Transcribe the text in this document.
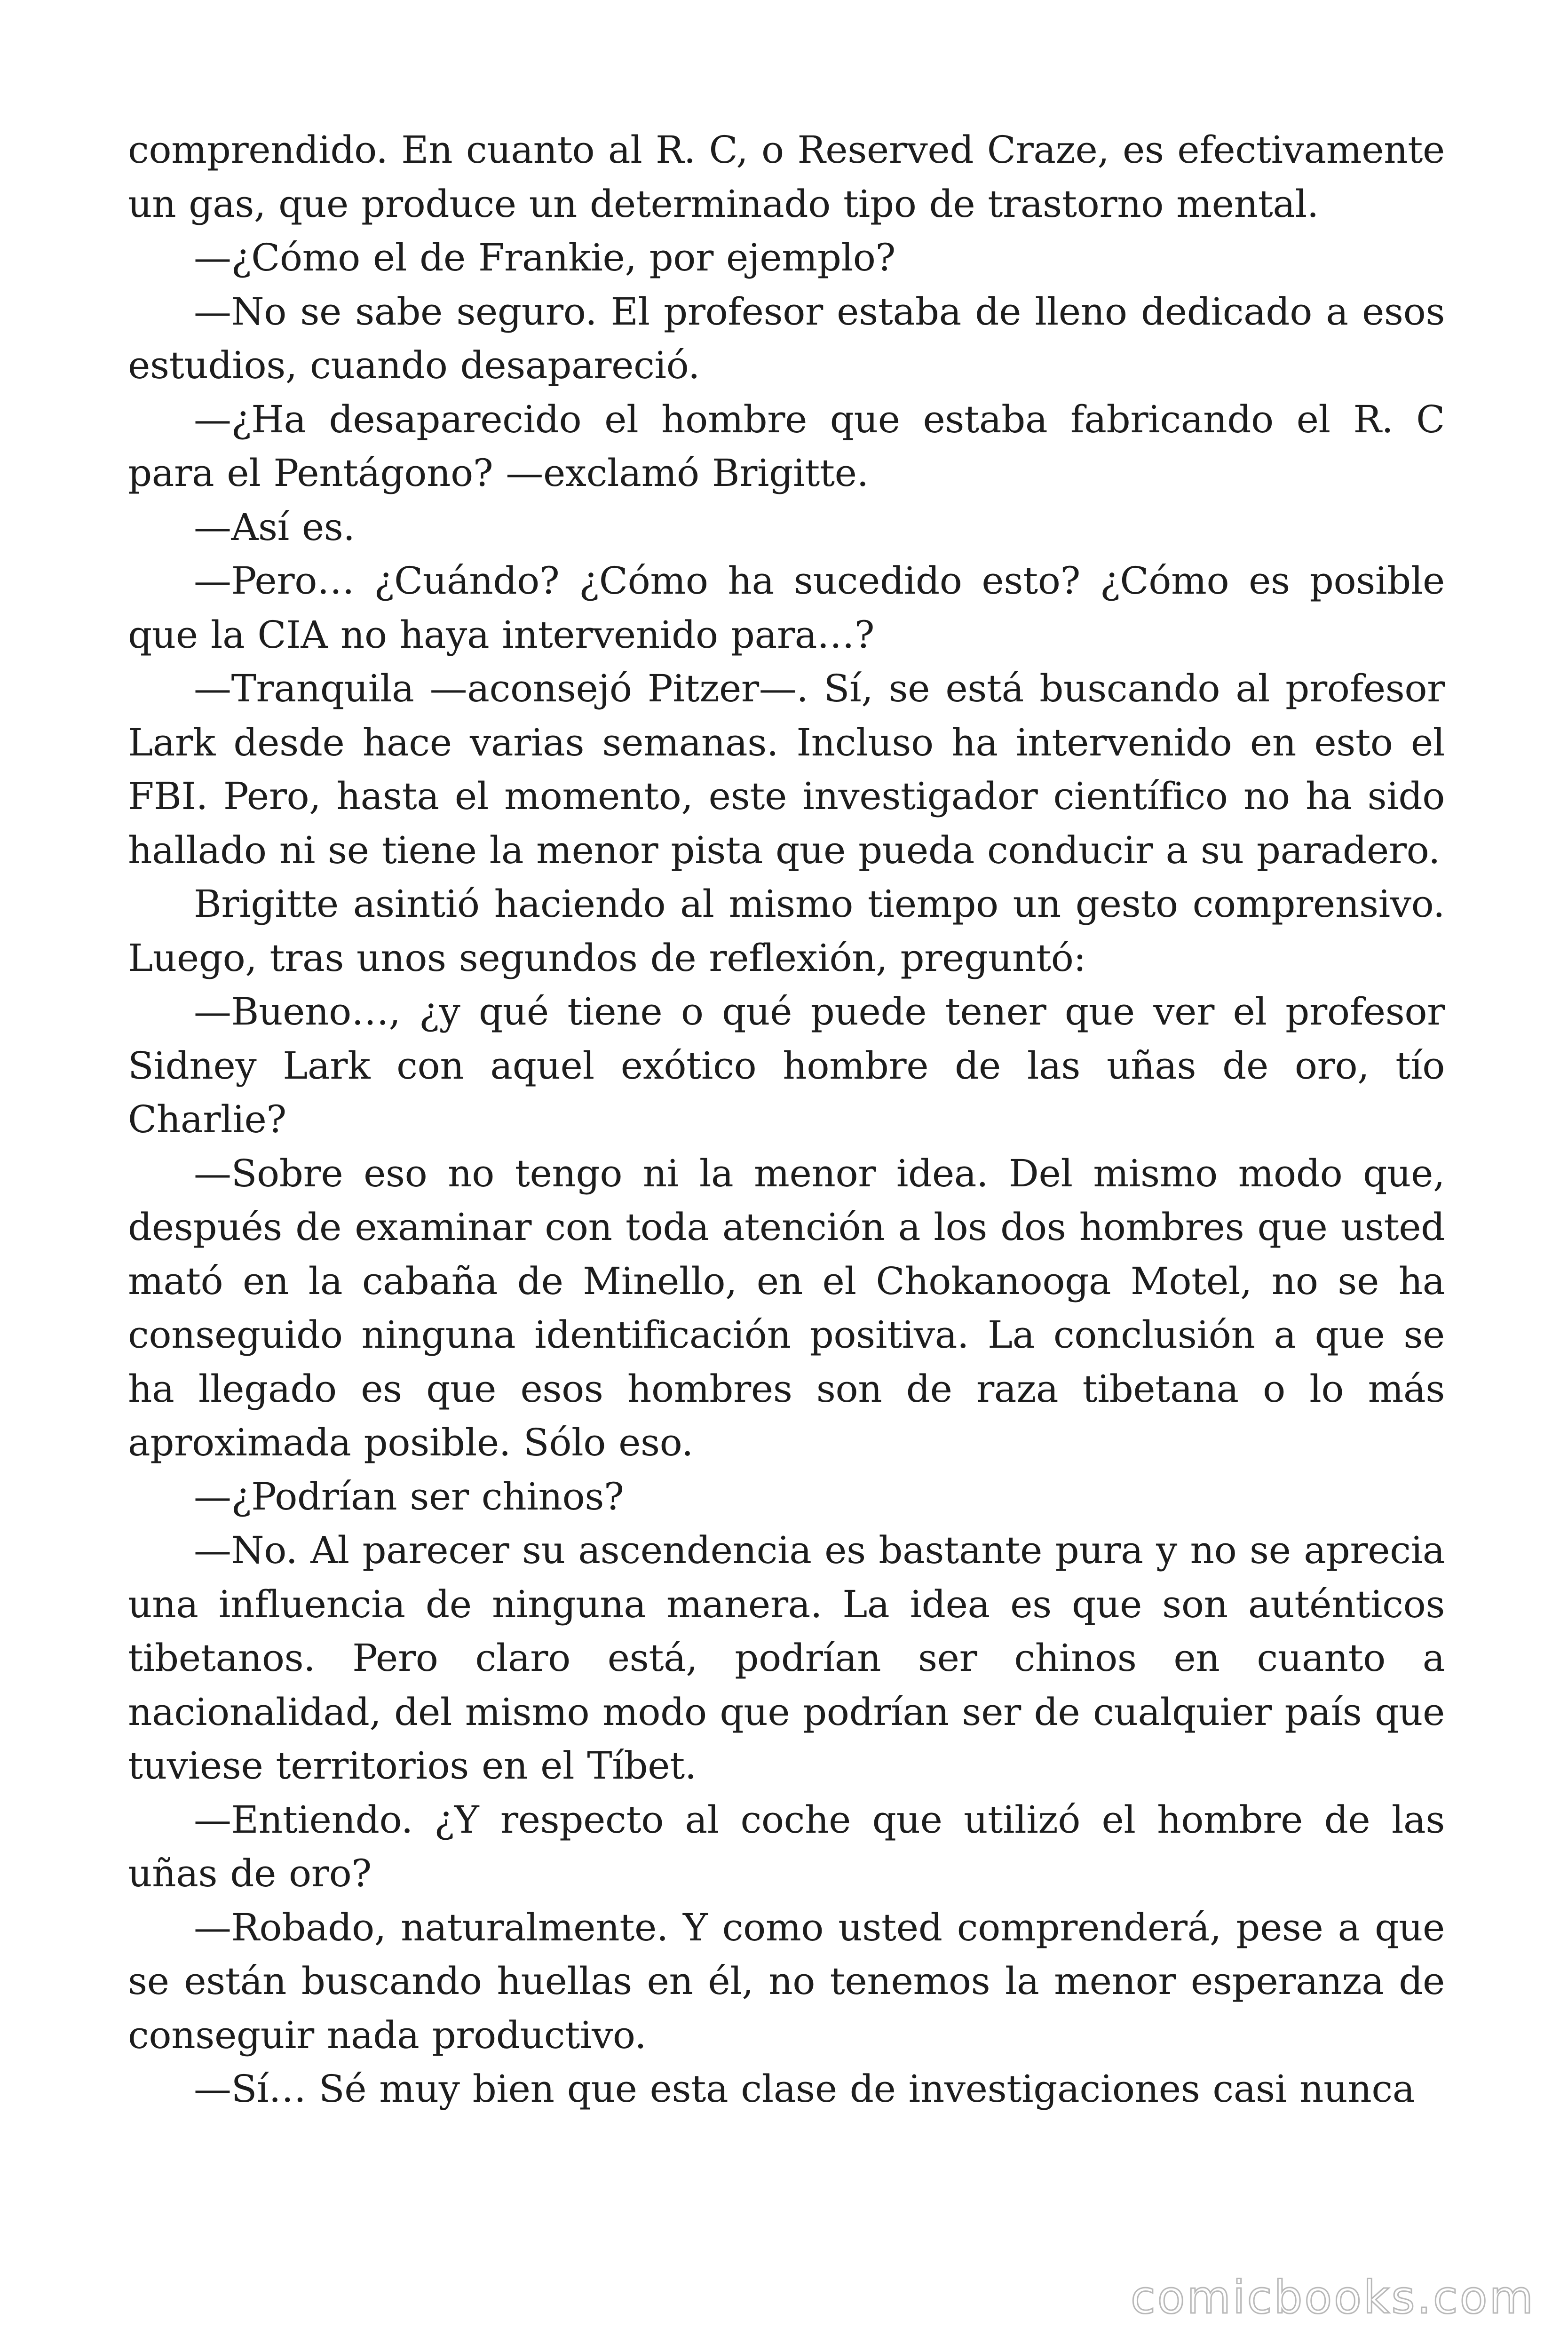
comprendido. En cuanto al R. C, o Reserved Craze, es efectivamente un gas, que produce un determinado tipo de trastorno mental.

—¿Cómo el de Frankie, por ejemplo?

—No se sabe seguro. El profesor estaba de lleno dedicado a esos estudios, cuando desapareció.

—¿Ha desaparecido el hombre que estaba fabricando el R. C para el Pentágono? —exclamó Brigitte.

—Así es.

—Pero… ¿Cuándo? ¿Cómo ha sucedido esto? ¿Cómo es posible que la CIA no haya intervenido para…?

—Tranquila —aconsejó Pitzer—. Sí, se está buscando al profesor Lark desde hace varias semanas. Incluso ha intervenido en esto el FBI. Pero, hasta el momento, este investigador científico no ha sido hallado ni se tiene la menor pista que pueda conducir a su paradero.

Brigitte asintió haciendo al mismo tiempo un gesto comprensivo. Luego, tras unos segundos de reflexión, preguntó:

—Bueno…, ¿y qué tiene o qué puede tener que ver el profesor Sidney Lark con aquel exótico hombre de las uñas de oro, tío Charlie?

—Sobre eso no tengo ni la menor idea. Del mismo modo que, después de examinar con toda atención a los dos hombres que usted mató en la cabaña de Minello, en el Chokanooga Motel, no se ha conseguido ninguna identificación positiva. La conclusión a que se ha llegado es que esos hombres son de raza tibetana o lo más aproximada posible. Sólo eso.

—¿Podrían ser chinos?

—No. Al parecer su ascendencia es bastante pura y no se aprecia una influencia de ninguna manera. La idea es que son auténticos tibetanos. Pero claro está, podrían ser chinos en cuanto a nacionalidad, del mismo modo que podrían ser de cualquier país que tuviese territorios en el Tíbet.

—Entiendo. ¿Y respecto al coche que utilizó el hombre de las uñas de oro?

—Robado, naturalmente. Y como usted comprenderá, pese a que se están buscando huellas en él, no tenemos la menor esperanza de conseguir nada productivo.

—Sí… Sé muy bien que esta clase de investigaciones casi nunca

comicbooks.com
